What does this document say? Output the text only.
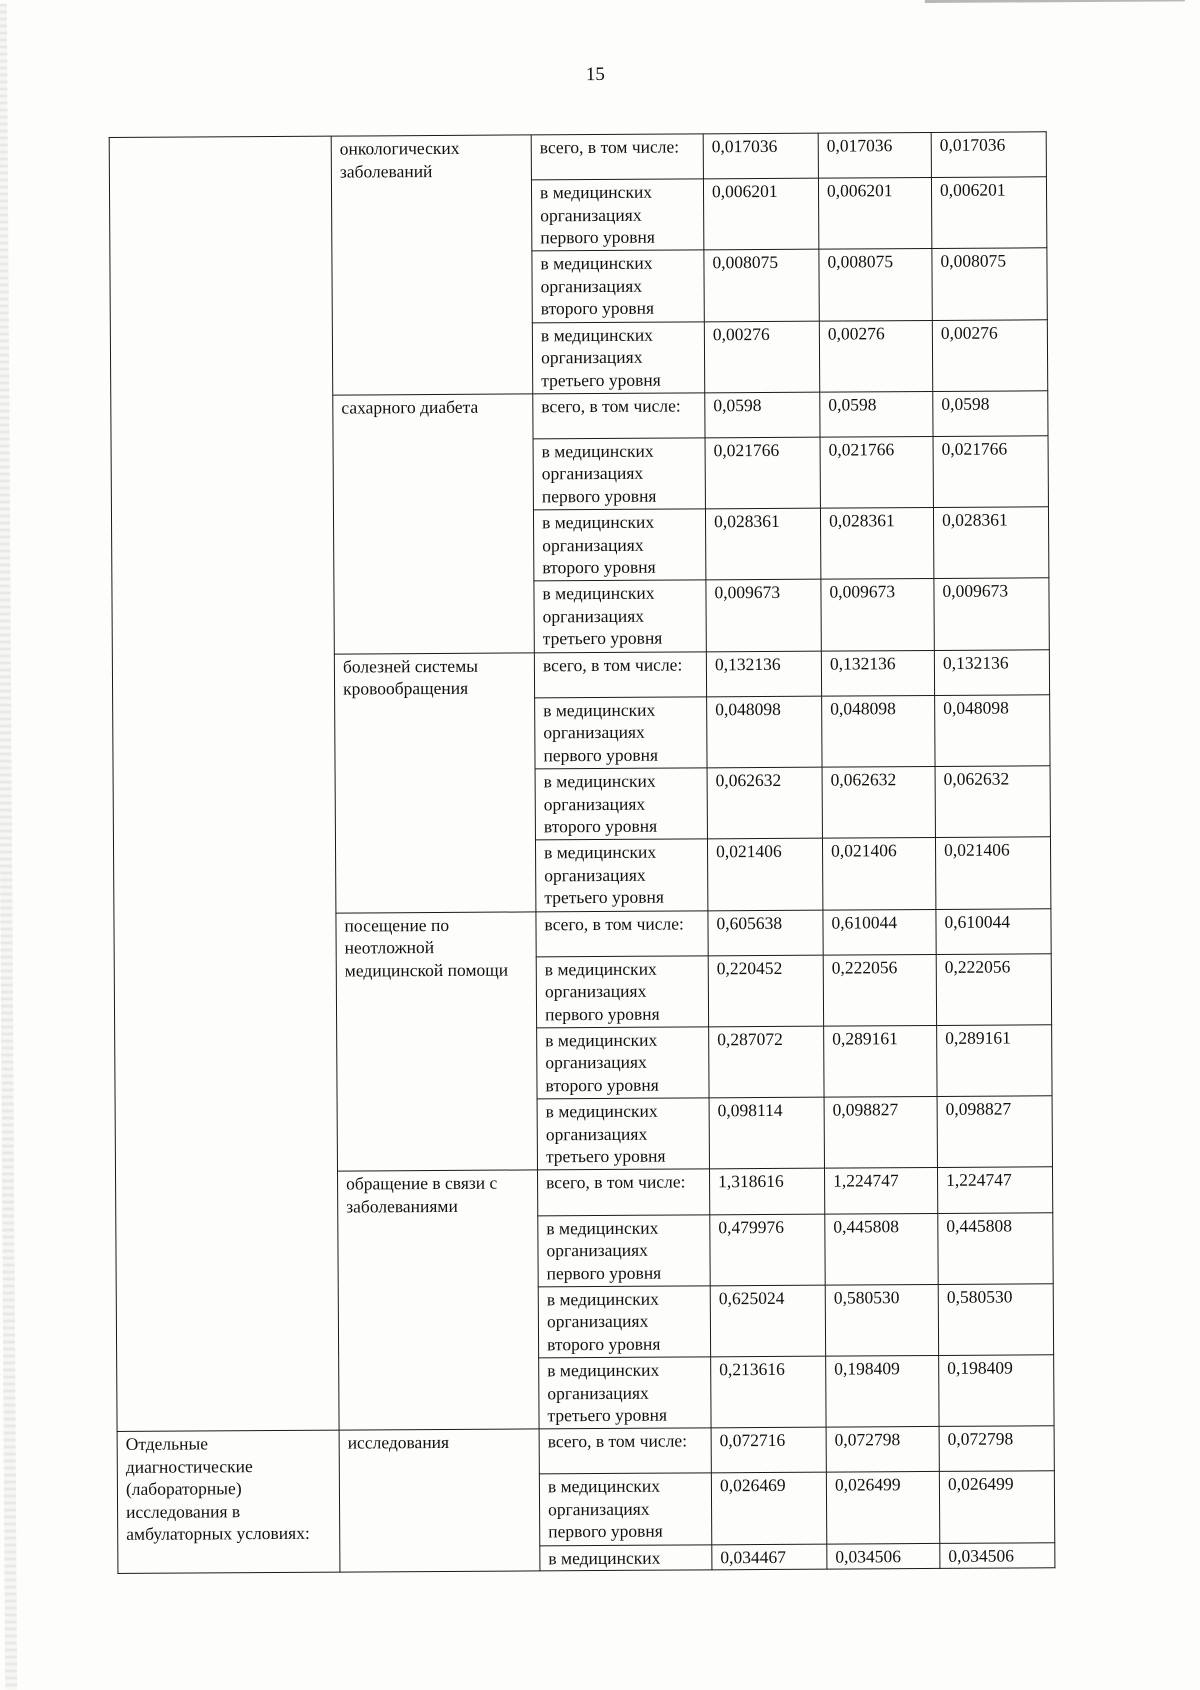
15
	онкологических заболеваний	всего, в том числе:	0,017036	0,017036	0,017036
		в медицинских организациях первого уровня	0,006201	0,006201	0,006201
		в медицинских организациях второго уровня	0,008075	0,008075	0,008075
		в медицинских организациях третьего уровня	0,00276	0,00276	0,00276
	сахарного диабета	всего, в том числе:	0,0598	0,0598	0,0598
		в медицинских организациях первого уровня	0,021766	0,021766	0,021766
		в медицинских организациях второго уровня	0,028361	0,028361	0,028361
		в медицинских организациях третьего уровня	0,009673	0,009673	0,009673
	болезней системы кровообращения	всего, в том числе:	0,132136	0,132136	0,132136
		в медицинских организациях первого уровня	0,048098	0,048098	0,048098
		в медицинских организациях второго уровня	0,062632	0,062632	0,062632
		в медицинских организациях третьего уровня	0,021406	0,021406	0,021406
	посещение по неотложной медицинской помощи	всего, в том числе:	0,605638	0,610044	0,610044
		в медицинских организациях первого уровня	0,220452	0,222056	0,222056
		в медицинских организациях второго уровня	0,287072	0,289161	0,289161
		в медицинских организациях третьего уровня	0,098114	0,098827	0,098827
	обращение в связи с заболеваниями	всего, в том числе:	1,318616	1,224747	1,224747
		в медицинских организациях первого уровня	0,479976	0,445808	0,445808
		в медицинских организациях второго уровня	0,625024	0,580530	0,580530
		в медицинских организациях третьего уровня	0,213616	0,198409	0,198409
Отдельные диагностические (лабораторные) исследования в амбулаторных условиях:	исследования	всего, в том числе:	0,072716	0,072798	0,072798
		в медицинских организациях первого уровня	0,026469	0,026499	0,026499
		в медицинских	0,034467	0,034506	0,034506
